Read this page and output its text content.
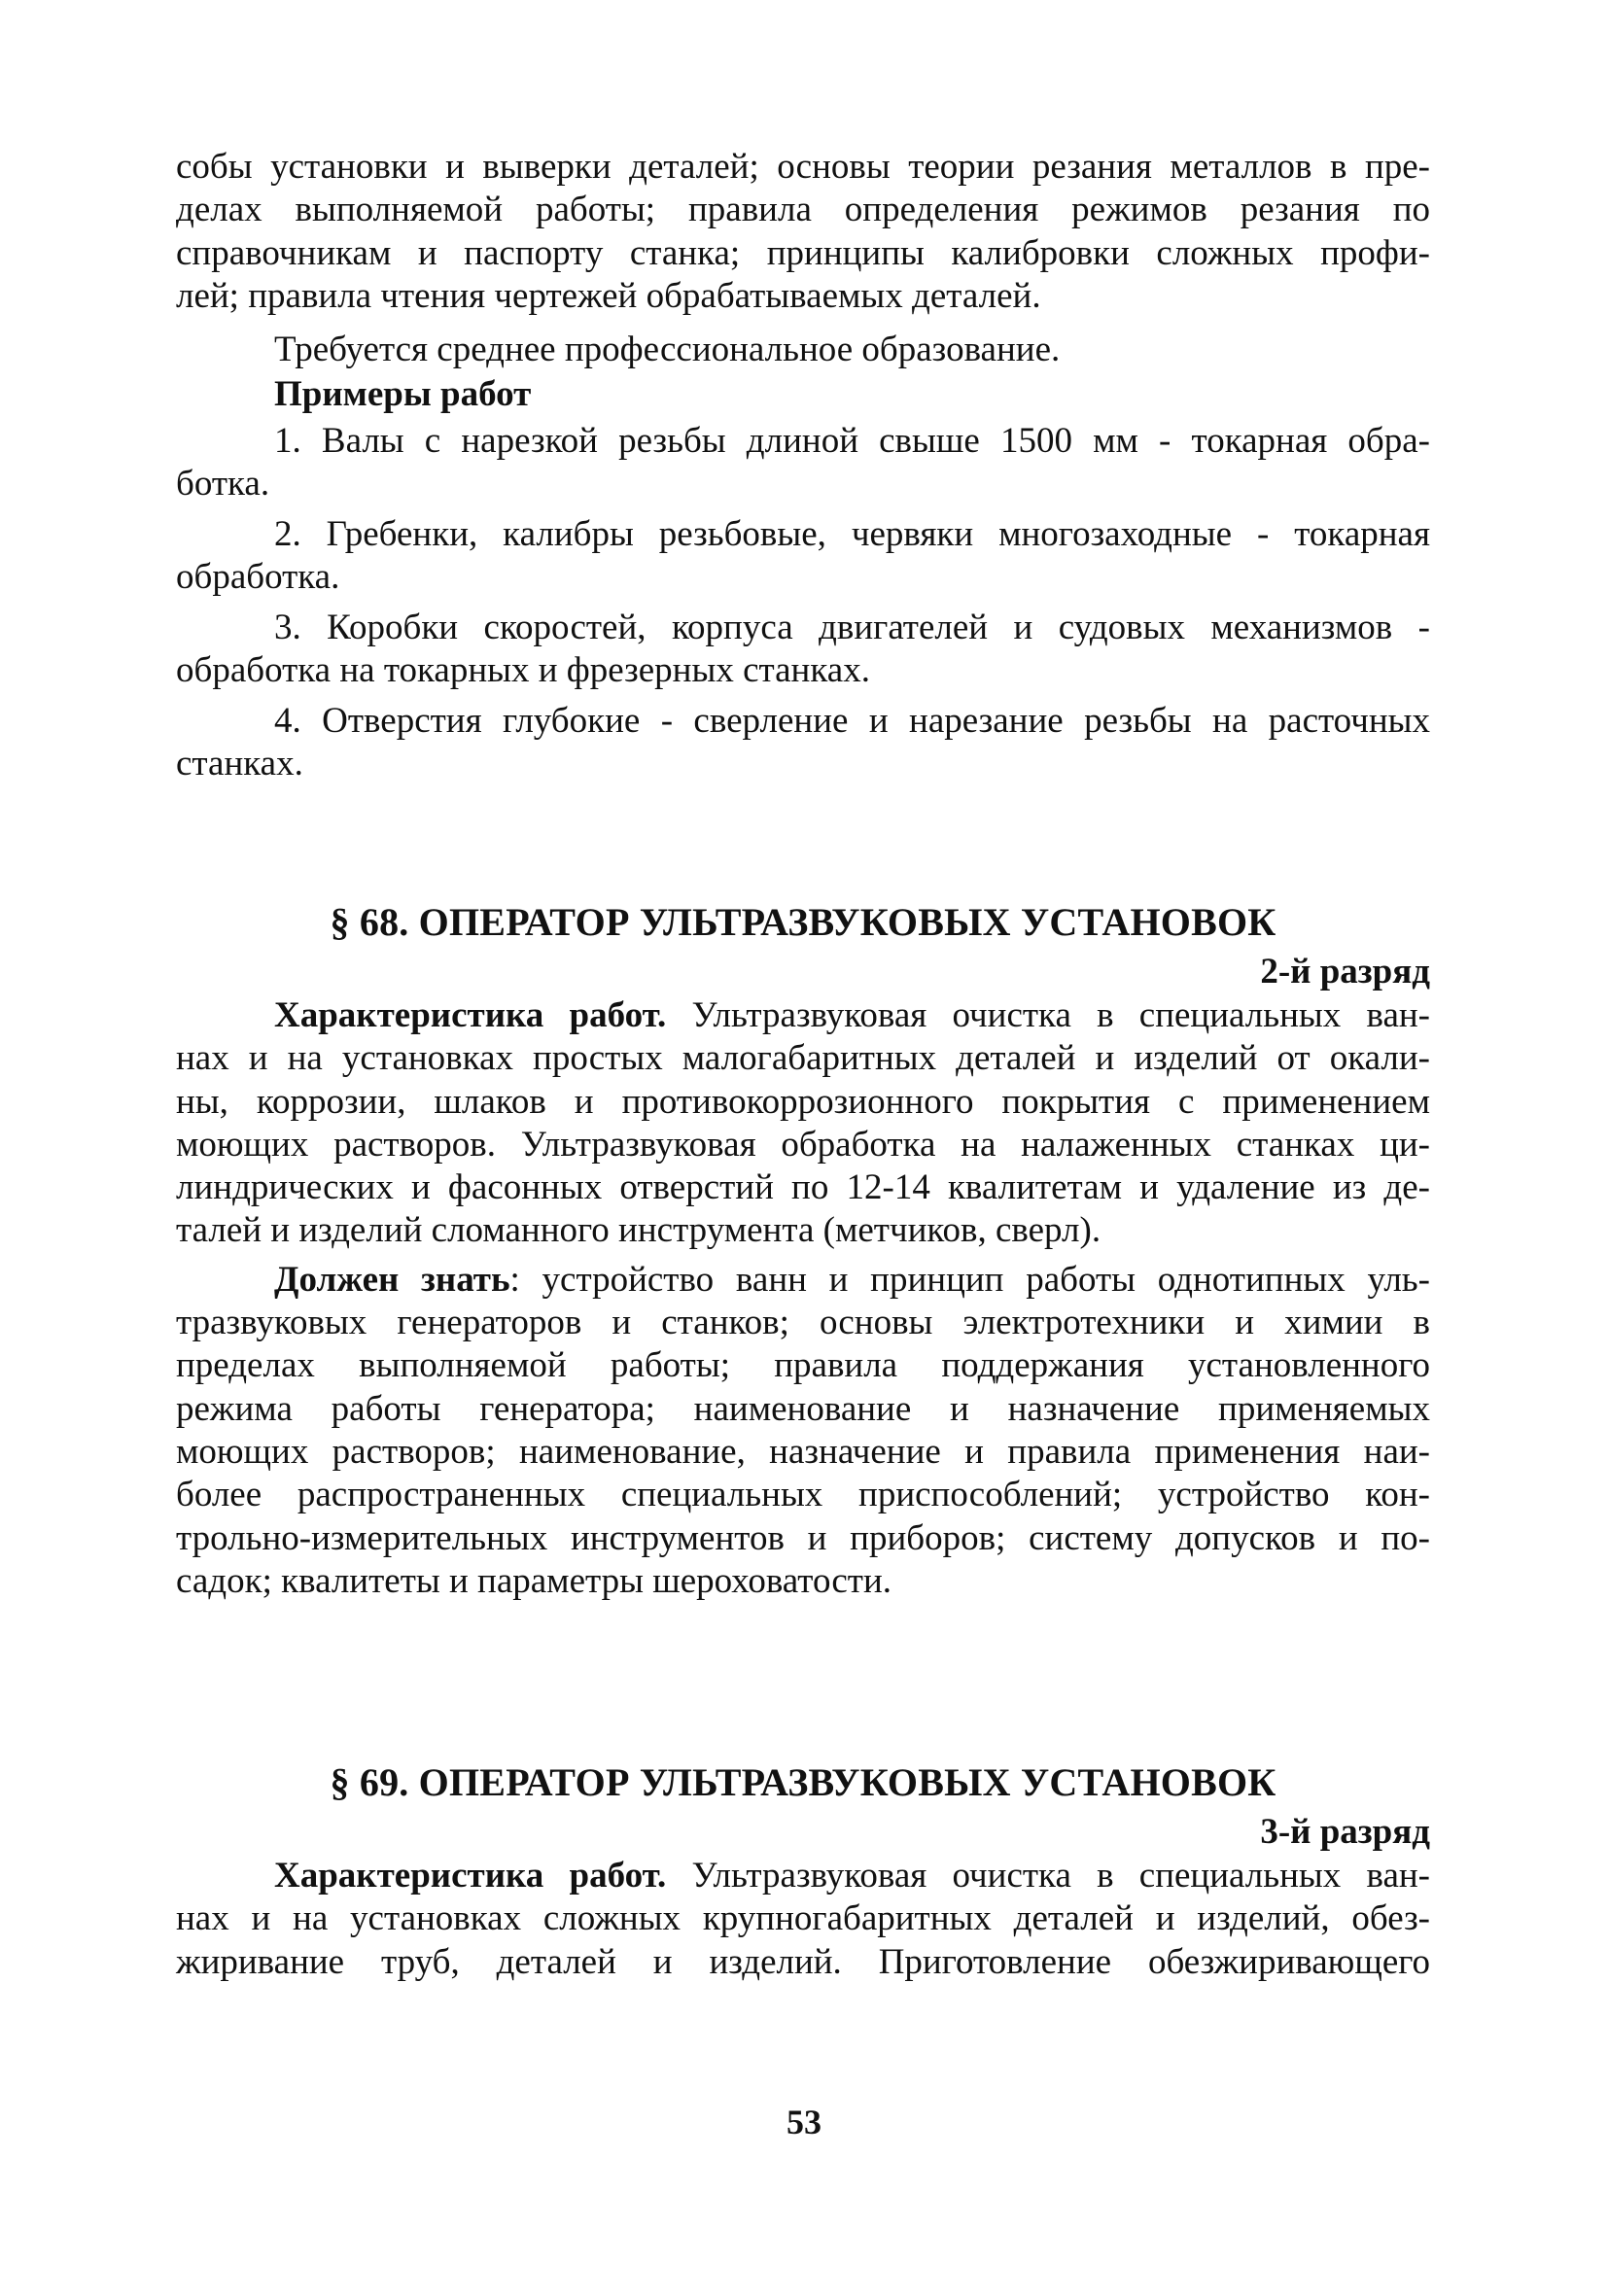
собы установки и выверки деталей; основы теории резания металлов в пре-
делах выполняемой работы; правила определения режимов резания по
справочникам и паспорту станка; принципы калибровки сложных профи-
лей; правила чтения чертежей обрабатываемых деталей.
Требуется среднее профессиональное образование.
Примеры работ
1. Валы с нарезкой резьбы длиной свыше 1500 мм - токарная обра-
ботка.
2. Гребенки, калибры резьбовые, червяки многозаходные - токарная
обработка.
3. Коробки скоростей, корпуса двигателей и судовых механизмов -
обработка на токарных и фрезерных станках.
4. Отверстия глубокие - сверление и нарезание резьбы на расточных
станках.
§ 68. ОПЕРАТОР УЛЬТРАЗВУКОВЫХ УСТАНОВОК
2-й разряд
Характеристика работ. Ультразвуковая очистка в специальных ван-
нах и на установках простых малогабаритных деталей и изделий от окали-
ны, коррозии, шлаков и противокоррозионного покрытия с применением
моющих растворов. Ультразвуковая обработка на налаженных станках ци-
линдрических и фасонных отверстий по 12-14 квалитетам и удаление из де-
талей и изделий сломанного инструмента (метчиков, сверл).
Должен знать: устройство ванн и принцип работы однотипных уль-
тразвуковых генераторов и станков; основы электротехники и химии в
пределах выполняемой работы; правила поддержания установленного
режима работы генератора; наименование и назначение применяемых
моющих растворов; наименование, назначение и правила применения наи-
более распространенных специальных приспособлений; устройство кон-
трольно-измерительных инструментов и приборов; систему допусков и по-
садок; квалитеты и параметры шероховатости.
§ 69. ОПЕРАТОР УЛЬТРАЗВУКОВЫХ УСТАНОВОК
3-й разряд
Характеристика работ. Ультразвуковая очистка в специальных ван-
нах и на установках сложных крупногабаритных деталей и изделий, обез-
жиривание труб, деталей и изделий. Приготовление обезжиривающего
53
